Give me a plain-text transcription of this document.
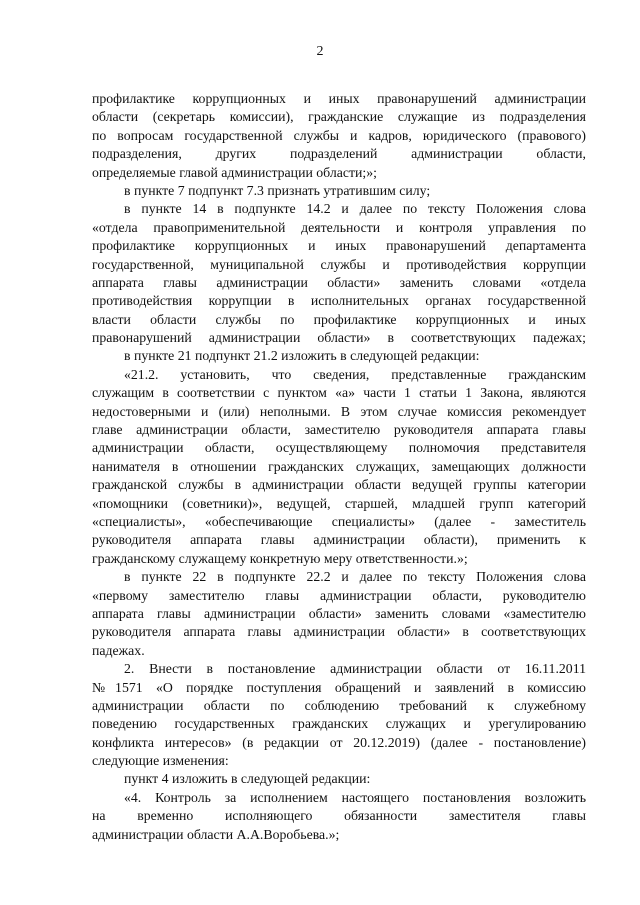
2
профилактике коррупционных и иных правонарушений администрации
области (секретарь комиссии), гражданские служащие из подразделения
по вопросам государственной службы и кадров, юридического (правового)
подразделения, других подразделений администрации области,
определяемые главой администрации области;»;
в пункте 7 подпункт 7.3 признать утратившим силу;
в пункте 14 в подпункте 14.2 и далее по тексту Положения слова
«отдела правоприменительной деятельности и контроля управления по
профилактике коррупционных и иных правонарушений департамента
государственной, муниципальной службы и противодействия коррупции
аппарата главы администрации области» заменить словами «отдела
противодействия коррупции в исполнительных органах государственной
власти области службы по профилактике коррупционных и иных
правонарушений администрации области» в соответствующих падежах;
в пункте 21 подпункт 21.2 изложить в следующей редакции:
«21.2. установить, что сведения, представленные гражданским
служащим в соответствии с пунктом «а» части 1 статьи 1 Закона, являются
недостоверными и (или) неполными. В этом случае комиссия рекомендует
главе администрации области, заместителю руководителя аппарата главы
администрации области, осуществляющему полномочия представителя
нанимателя в отношении гражданских служащих, замещающих должности
гражданской службы в администрации области ведущей группы категории
«помощники (советники)», ведущей, старшей, младшей групп категорий
«специалисты», «обеспечивающие специалисты» (далее - заместитель
руководителя аппарата главы администрации области), применить к
гражданскому служащему конкретную меру ответственности.»;
в пункте 22 в подпункте 22.2 и далее по тексту Положения слова
«первому заместителю главы администрации области, руководителю
аппарата главы администрации области» заменить словами «заместителю
руководителя аппарата главы администрации области» в соответствующих
падежах.
2. Внести в постановление администрации области от 16.11.2011
№1571 «О порядке поступления обращений и заявлений в комиссию
администрации области по соблюдению требований к служебному
поведению государственных гражданских служащих и урегулированию
конфликта интересов» (в редакции от 20.12.2019) (далее - постановление)
следующие изменения:
пункт 4 изложить в следующей редакции:
«4. Контроль за исполнением настоящего постановления возложить
на временно исполняющего обязанности заместителя главы
администрации области А.А.Воробьева.»;
